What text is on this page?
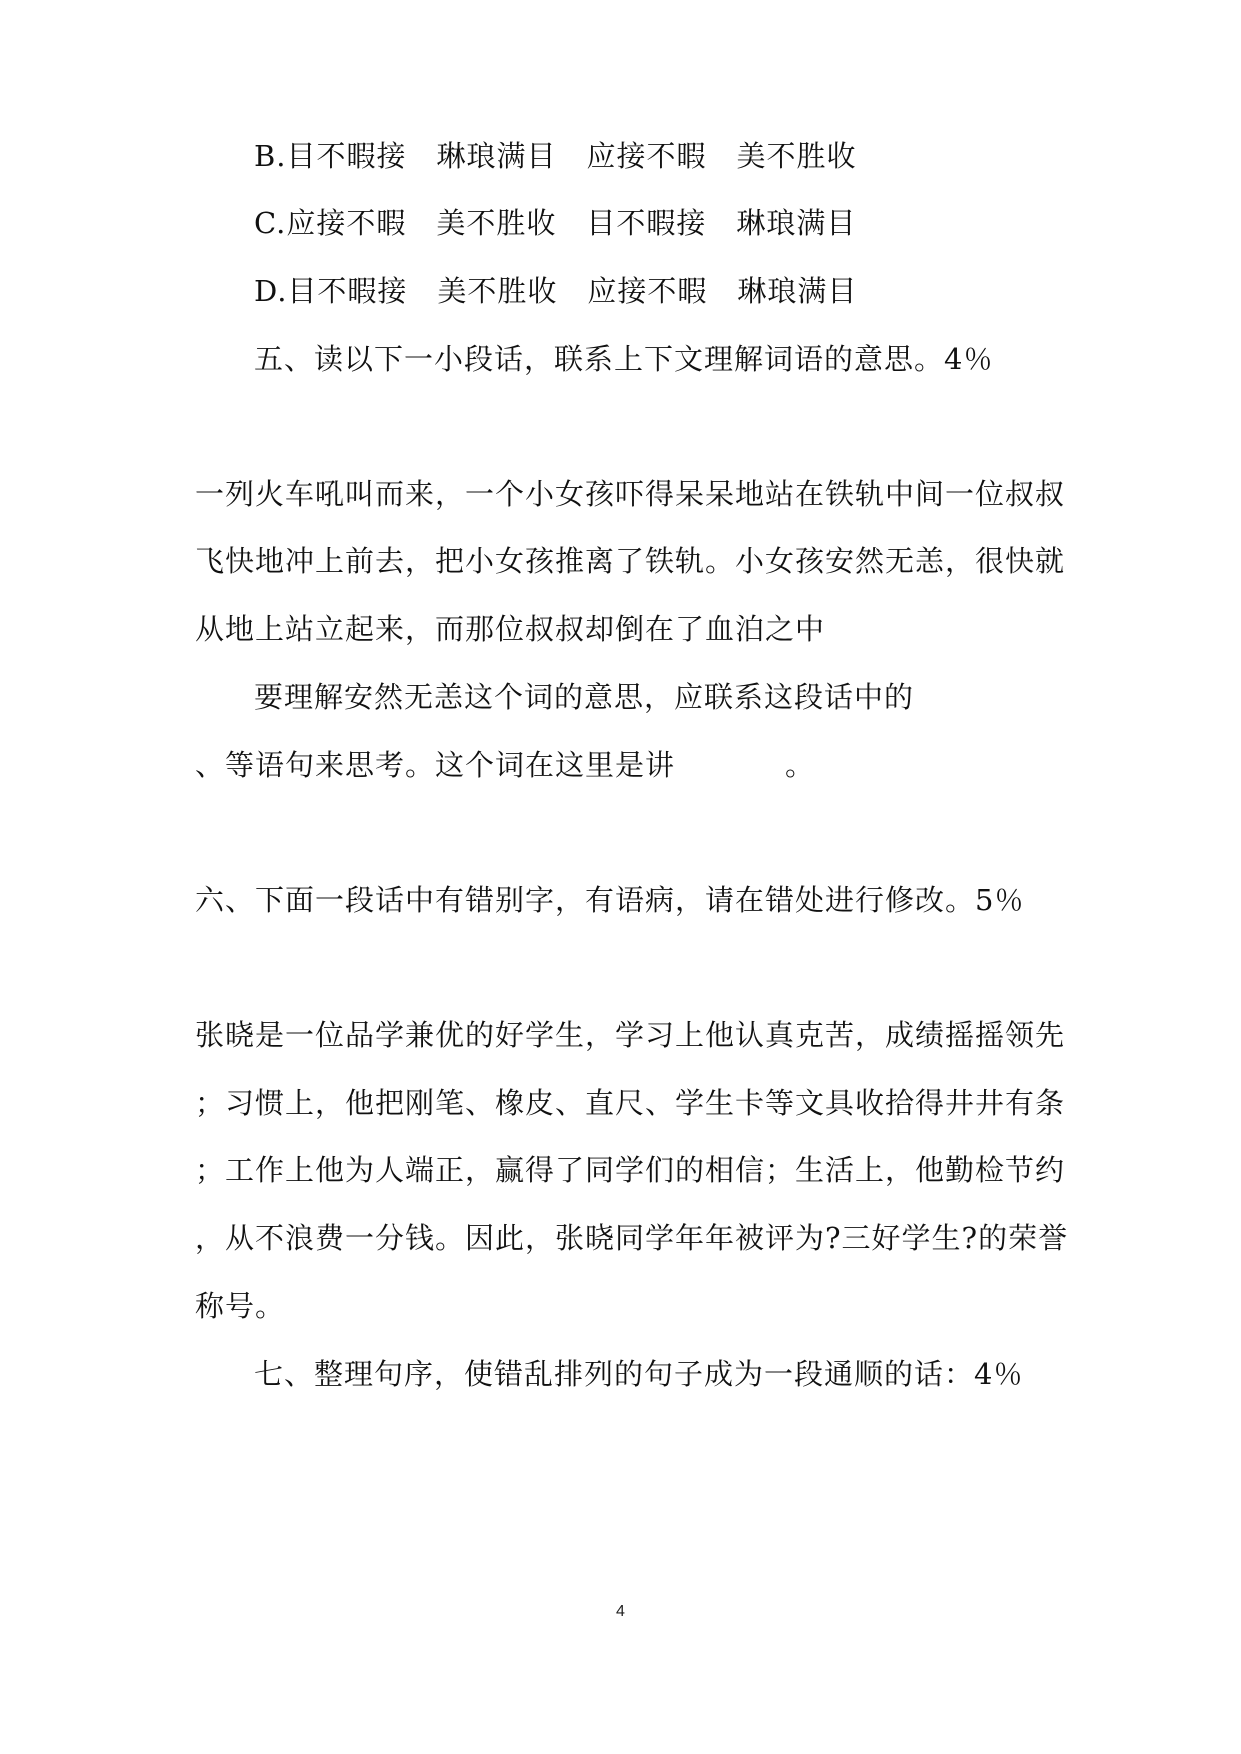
B.目不暇接　琳琅满目　应接不暇　美不胜收
C.应接不暇　美不胜收　目不暇接　琳琅满目
D.目不暇接　美不胜收　应接不暇　琳琅满目
五、读以下一小段话，联系上下文理解词语的意思。4％
一列火车吼叫而来，一个小女孩吓得呆呆地站在铁轨中间一位叔叔
飞快地冲上前去，把小女孩推离了铁轨。小女孩安然无恙，很快就
从地上站立起来，而那位叔叔却倒在了血泊之中
要理解安然无恙这个词的意思，应联系这段话中的
、等语句来思考。这个词在这里是讲	。
六、下面一段话中有错别字，有语病，请在错处进行修改。5％
张晓是一位品学兼优的好学生，学习上他认真克苦，成绩摇摇领先
；习惯上，他把刚笔、橡皮、直尺、学生卡等文具收拾得井井有条
；工作上他为人端正，赢得了同学们的相信；生活上，他勤检节约
，从不浪费一分钱。因此，张晓同学年年被评为?三好学生?的荣誉
称号。
七、整理句序，使错乱排列的句子成为一段通顺的话：4％
4
